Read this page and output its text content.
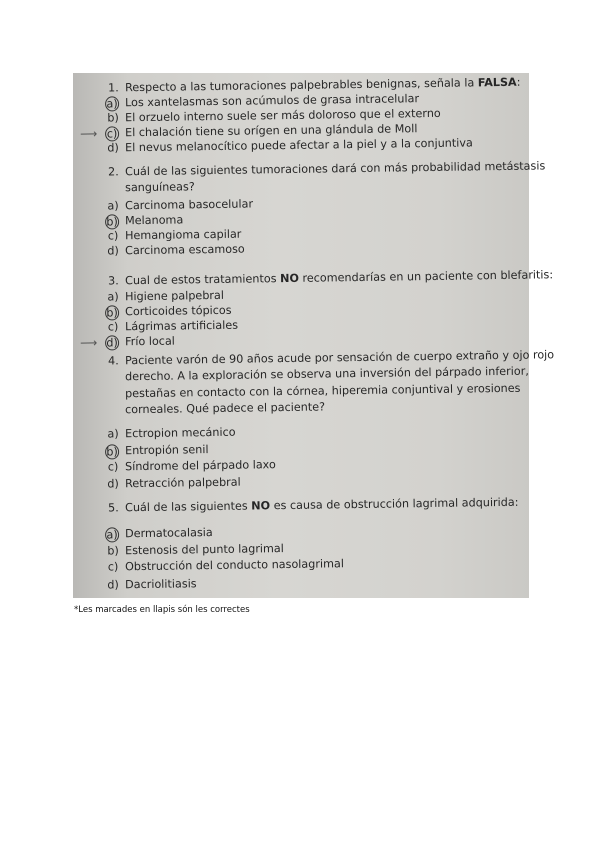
1. Respecto a las tumoraciones palpebrables benignas, señala la FALSA:
a) Los xantelasmas son acúmulos de grasa intracelular
b) El orzuelo interno suele ser más doloroso que el externo
⟶ c) El chalación tiene su orígen en una glándula de Moll
d) El nevus melanocítico puede afectar a la piel y a la conjuntiva
2. Cuál de las siguientes tumoraciones dará con más probabilidad metástasis
sanguíneas?
a) Carcinoma basocelular
b) Melanoma
c) Hemangioma capilar
d) Carcinoma escamoso
3. Cual de estos tratamientos NO recomendarías en un paciente con blefaritis:
a) Higiene palpebral
b) Corticoides tópicos
c) Lágrimas artificiales
⟶ d) Frío local
4. Paciente varón de 90 años acude por sensación de cuerpo extraño y ojo rojo
derecho. A la exploración se observa una inversión del párpado inferior,
pestañas en contacto con la córnea, hiperemia conjuntival y erosiones
corneales. Qué padece el paciente?
a) Ectropion mecánico
b) Entropión senil
c) Síndrome del párpado laxo
d) Retracción palpebral
5. Cuál de las siguientes NO es causa de obstrucción lagrimal adquirida:
a) Dermatocalasia
b) Estenosis del punto lagrimal
c) Obstrucción del conducto nasolagrimal
d) Dacriolitiasis
*Les marcades en llapis són les correctes
